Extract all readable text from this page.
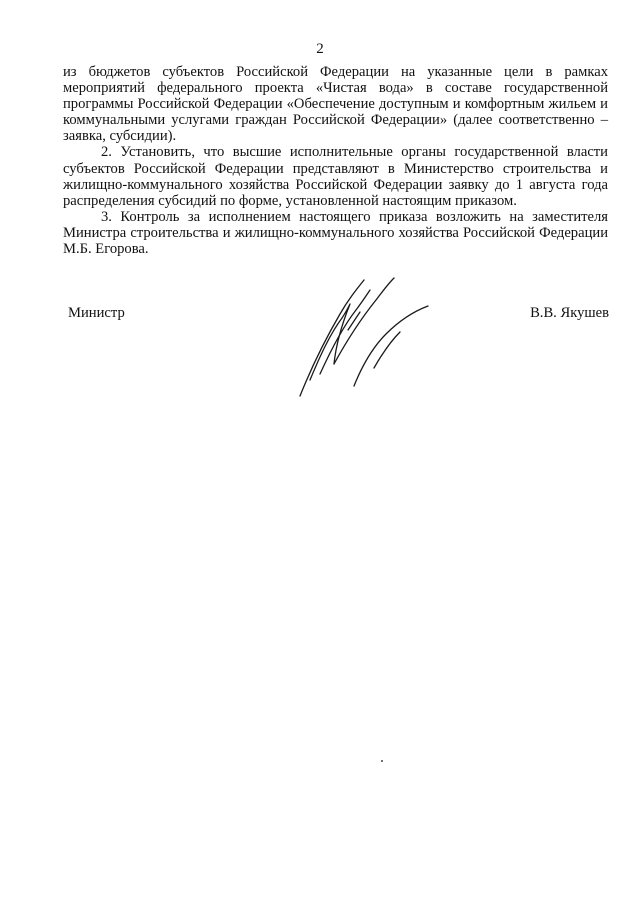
2

из бюджетов субъектов Российской Федерации на указанные цели в рамках мероприятий федерального проекта «Чистая вода» в составе государственной программы Российской Федерации «Обеспечение доступным и комфортным жильем и коммунальными услугами граждан Российской Федерации» (далее соответственно – заявка, субсидии).

2. Установить, что высшие исполнительные органы государственной власти субъектов Российской Федерации представляют в Министерство строительства и жилищно-коммунального хозяйства Российской Федерации заявку до 1 августа года распределения субсидий по форме, установленной настоящим приказом.

3. Контроль за исполнением настоящего приказа возложить на заместителя Министра строительства и жилищно-коммунального хозяйства Российской Федерации М.Б. Егорова.

Министр	В.В. Якушев
